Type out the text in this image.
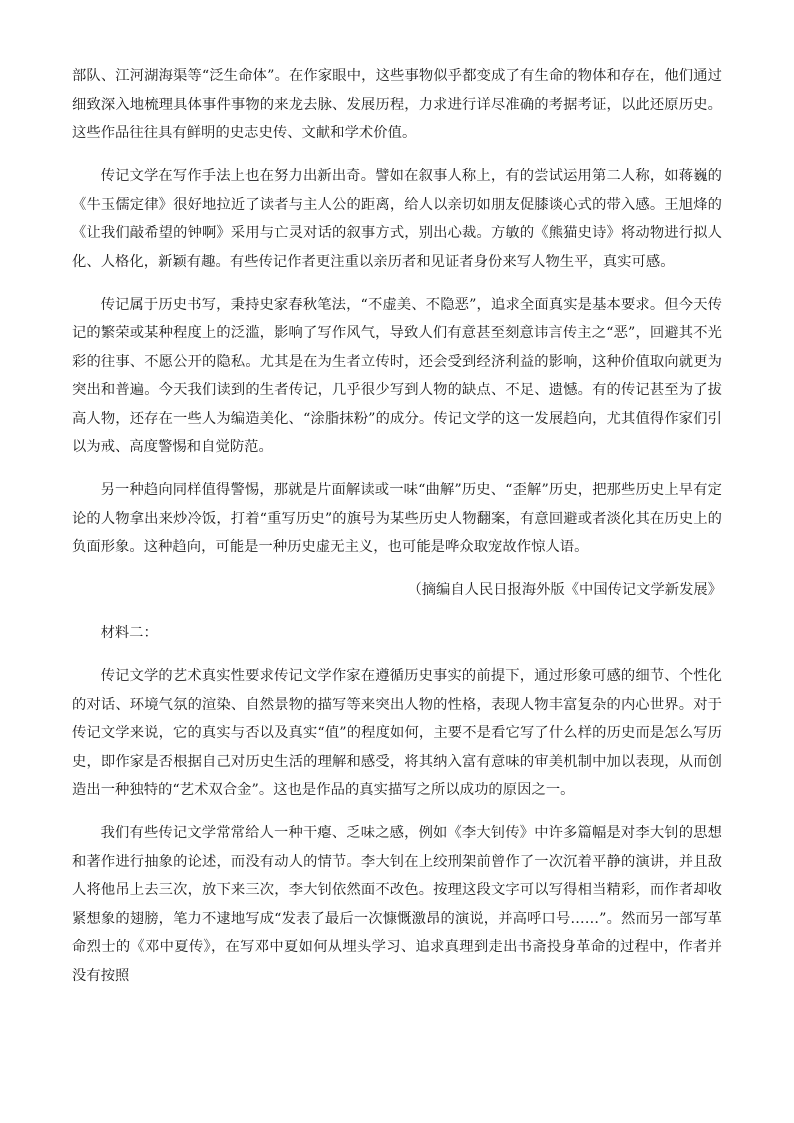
部队、江河湖海渠等“泛生命体”。在作家眼中，这些事物似乎都变成了有生命的物体和存在，他们通过细致深入地梳理具体事件事物的来龙去脉、发展历程，力求进行详尽准确的考据考证，以此还原历史。这些作品往往具有鲜明的史志史传、文献和学术价值。

传记文学在写作手法上也在努力出新出奇。譬如在叙事人称上，有的尝试运用第二人称，如蒋巍的《牛玉儒定律》很好地拉近了读者与主人公的距离，给人以亲切如朋友促膝谈心式的带入感。王旭烽的《让我们敲希望的钟啊》采用与亡灵对话的叙事方式，别出心裁。方敏的《熊猫史诗》将动物进行拟人化、人格化，新颖有趣。有些传记作者更注重以亲历者和见证者身份来写人物生平，真实可感。

传记属于历史书写，秉持史家春秋笔法，“不虚美、不隐恶”，追求全面真实是基本要求。但今天传记的繁荣或某种程度上的泛滥，影响了写作风气，导致人们有意甚至刻意讳言传主之“恶”，回避其不光彩的往事、不愿公开的隐私。尤其是在为生者立传时，还会受到经济利益的影响，这种价值取向就更为突出和普遍。今天我们读到的生者传记，几乎很少写到人物的缺点、不足、遗憾。有的传记甚至为了拔高人物，还存在一些人为编造美化、“涂脂抹粉”的成分。传记文学的这一发展趋向，尤其值得作家们引以为戒、高度警惕和自觉防范。

另一种趋向同样值得警惕，那就是片面解读或一味“曲解”历史、“歪解”历史，把那些历史上早有定论的人物拿出来炒冷饭，打着“重写历史”的旗号为某些历史人物翻案，有意回避或者淡化其在历史上的负面形象。这种趋向，可能是一种历史虚无主义，也可能是哗众取宠故作惊人语。

（摘编自人民日报海外版《中国传记文学新发展》

材料二：

传记文学的艺术真实性要求传记文学作家在遵循历史事实的前提下，通过形象可感的细节、个性化的对话、环境气氛的渲染、自然景物的描写等来突出人物的性格，表现人物丰富复杂的内心世界。对于传记文学来说，它的真实与否以及真实“值”的程度如何，主要不是看它写了什么样的历史而是怎么写历史，即作家是否根据自己对历史生活的理解和感受，将其纳入富有意味的审美机制中加以表现，从而创造出一种独特的“艺术双合金”。这也是作品的真实描写之所以成功的原因之一。

我们有些传记文学常常给人一种干瘪、乏味之感，例如《李大钊传》中许多篇幅是对李大钊的思想和著作进行抽象的论述，而没有动人的情节。李大钊在上绞刑架前曾作了一次沉着平静的演讲，并且敌人将他吊上去三次，放下来三次，李大钊依然面不改色。按理这段文字可以写得相当精彩，而作者却收紧想象的翅膀，笔力不逮地写成“发表了最后一次慷慨激昂的演说，并高呼口号……”。然而另一部写革命烈士的《邓中夏传》，在写邓中夏如何从埋头学习、追求真理到走出书斋投身革命的过程中，作者并没有按照
